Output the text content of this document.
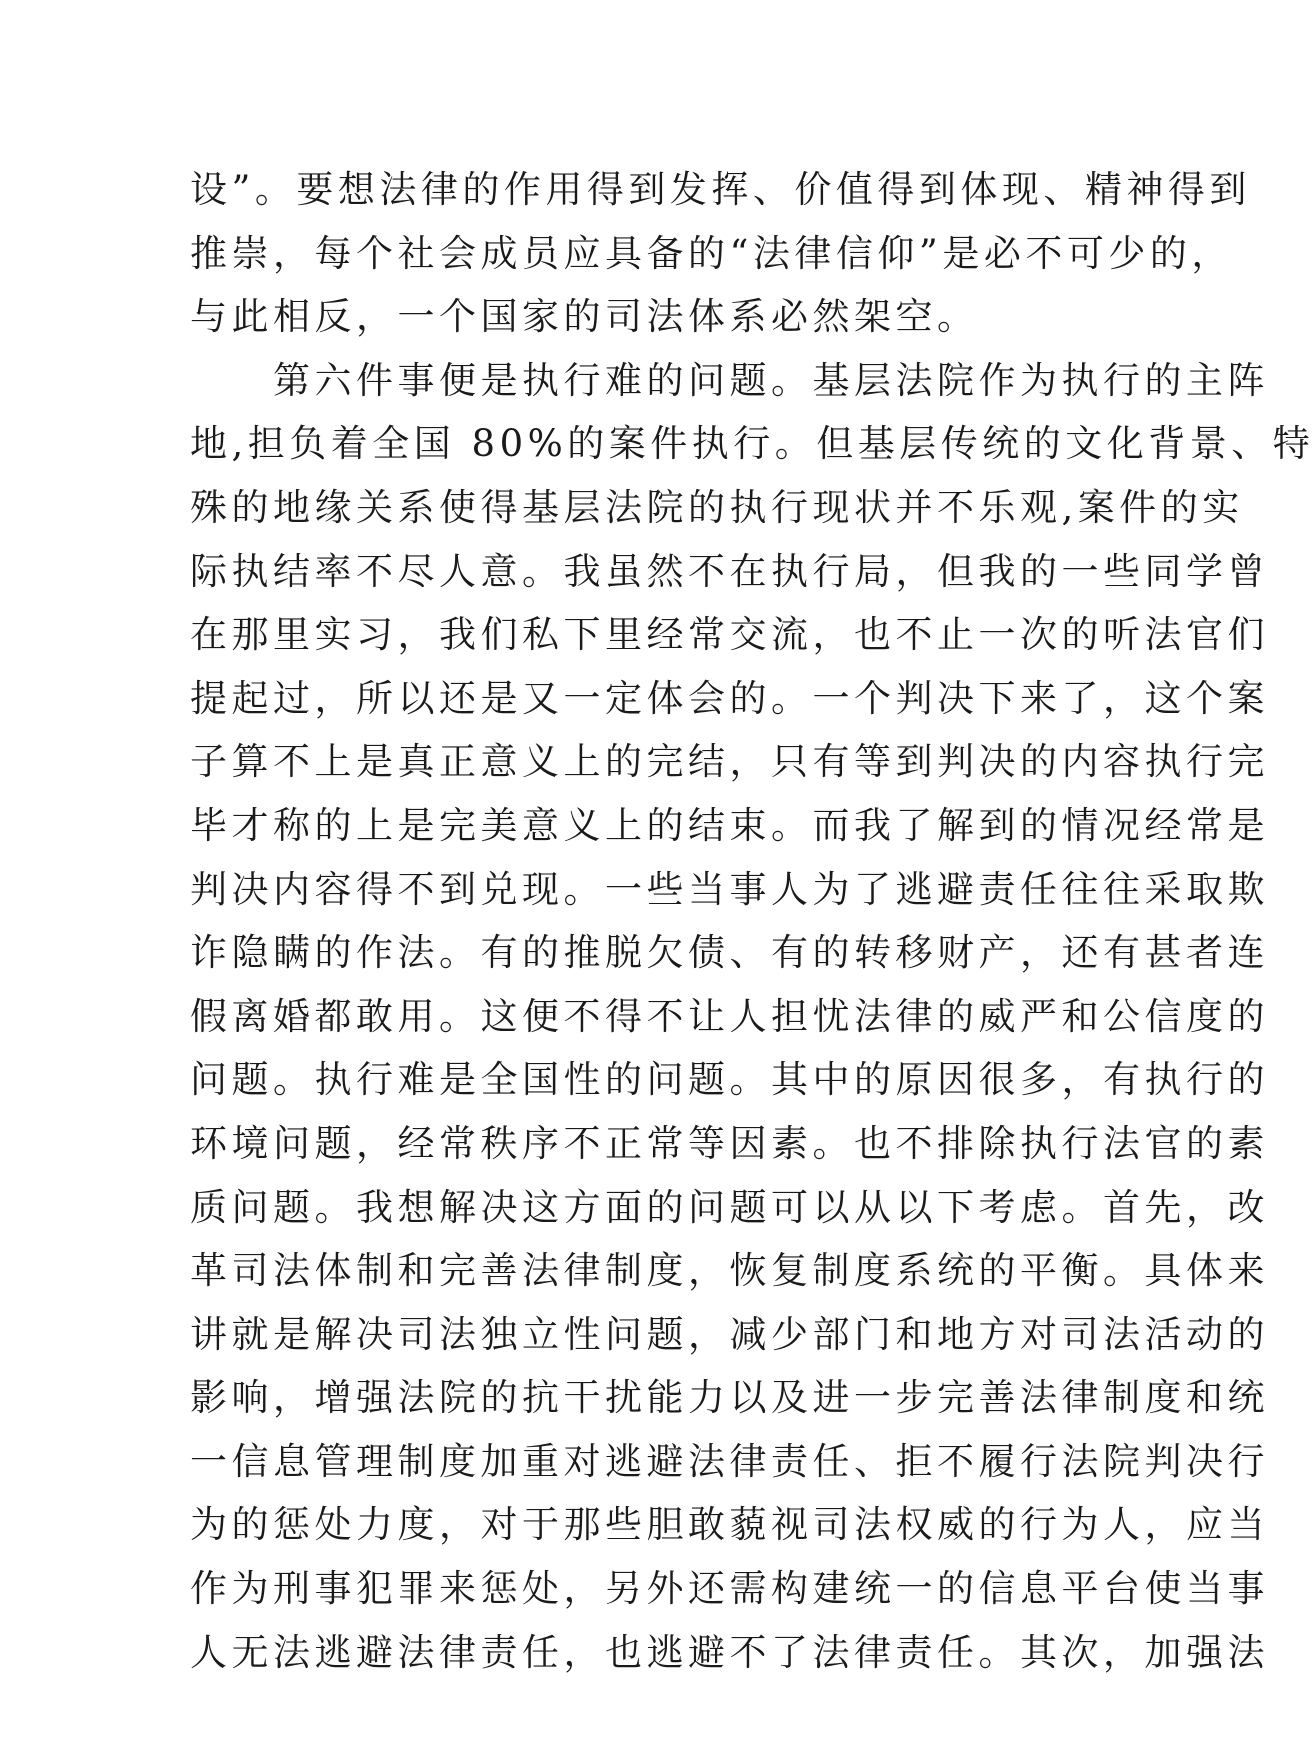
设”。要想法律的作用得到发挥、价值得到体现、精神得到
推崇，每个社会成员应具备的“法律信仰”是必不可少的，
与此相反，一个国家的司法体系必然架空。
　　第六件事便是执行难的问题。基层法院作为执行的主阵
地,担负着全国 80%的案件执行。但基层传统的文化背景、特
殊的地缘关系使得基层法院的执行现状并不乐观,案件的实
际执结率不尽人意。我虽然不在执行局，但我的一些同学曾
在那里实习，我们私下里经常交流，也不止一次的听法官们
提起过，所以还是又一定体会的。一个判决下来了，这个案
子算不上是真正意义上的完结，只有等到判决的内容执行完
毕才称的上是完美意义上的结束。而我了解到的情况经常是
判决内容得不到兑现。一些当事人为了逃避责任往往采取欺
诈隐瞒的作法。有的推脱欠债、有的转移财产，还有甚者连
假离婚都敢用。这便不得不让人担忧法律的威严和公信度的
问题。执行难是全国性的问题。其中的原因很多，有执行的
环境问题，经常秩序不正常等因素。也不排除执行法官的素
质问题。我想解决这方面的问题可以从以下考虑。首先，改
革司法体制和完善法律制度，恢复制度系统的平衡。具体来
讲就是解决司法独立性问题，减少部门和地方对司法活动的
影响，增强法院的抗干扰能力以及进一步完善法律制度和统
一信息管理制度加重对逃避法律责任、拒不履行法院判决行
为的惩处力度，对于那些胆敢藐视司法权威的行为人，应当
作为刑事犯罪来惩处，另外还需构建统一的信息平台使当事
人无法逃避法律责任，也逃避不了法律责任。其次，加强法
